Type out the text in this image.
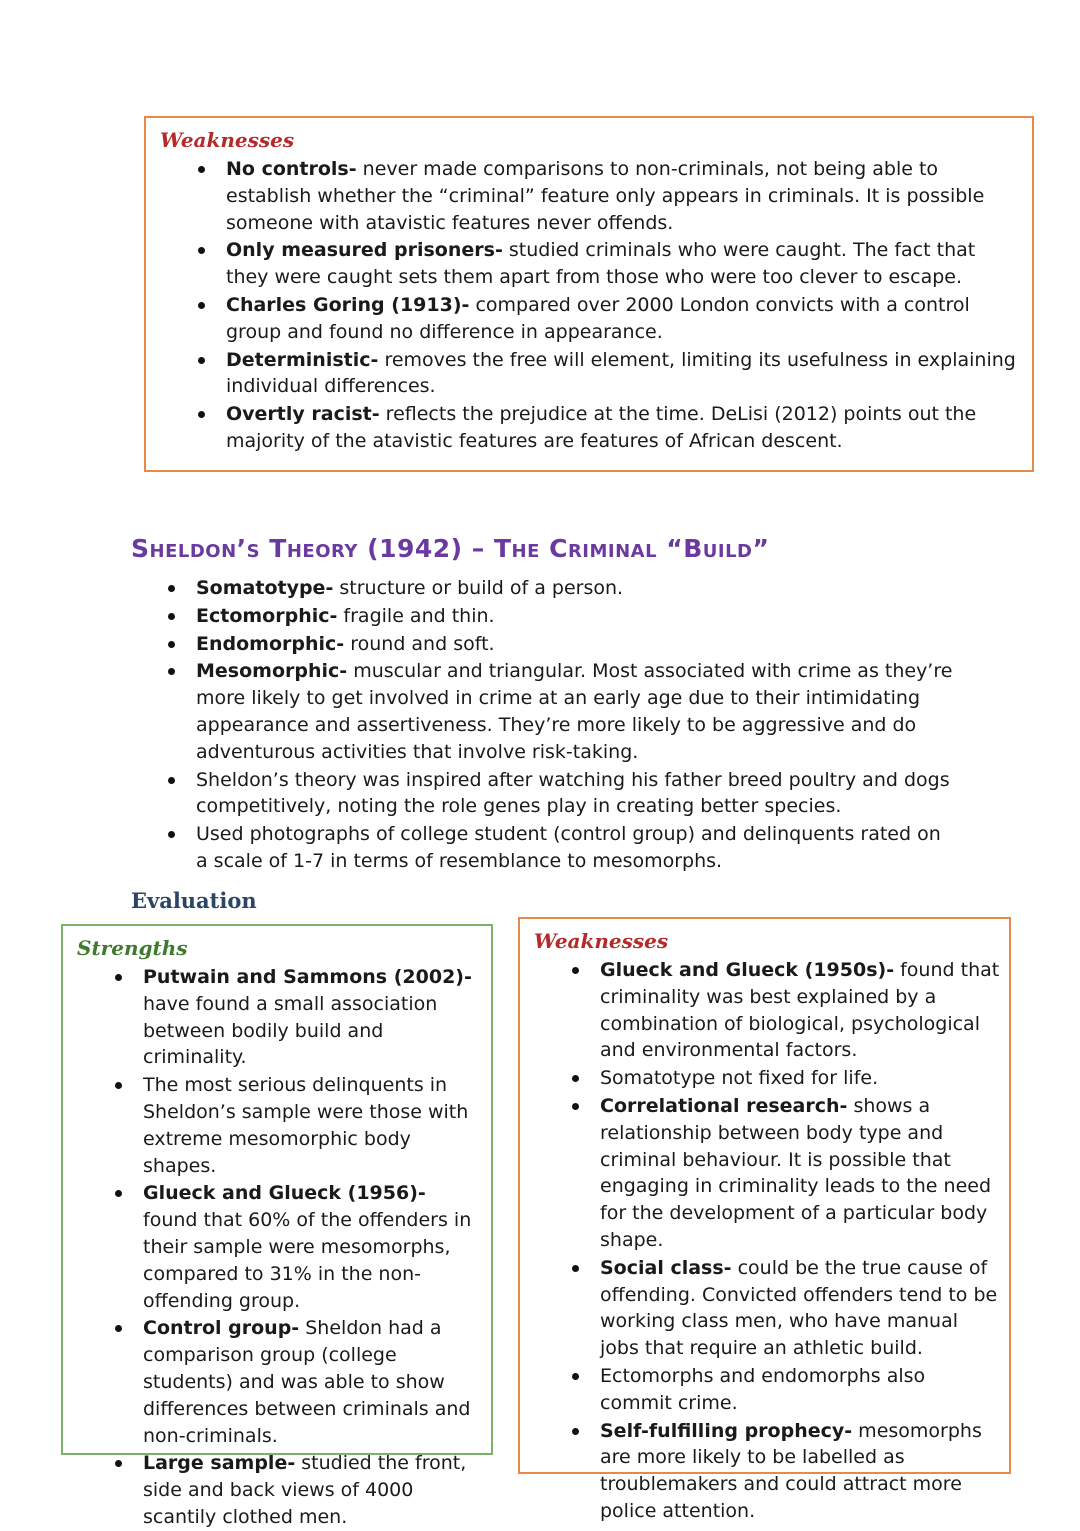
Weaknesses
No controls- never made comparisons to non-criminals, not being able to establish whether the “criminal” feature only appears in criminals. It is possible someone with atavistic features never offends.
Only measured prisoners- studied criminals who were caught. The fact that they were caught sets them apart from those who were too clever to escape.
Charles Goring (1913)- compared over 2000 London convicts with a control group and found no difference in appearance.
Deterministic- removes the free will element, limiting its usefulness in explaining individual differences.
Overtly racist- reflects the prejudice at the time. DeLisi (2012) points out the majority of the atavistic features are features of African descent.
Sheldon’s Theory (1942) – The Criminal “Build”
Somatotype- structure or build of a person.
Ectomorphic- fragile and thin.
Endomorphic- round and soft.
Mesomorphic- muscular and triangular. Most associated with crime as they’re more likely to get involved in crime at an early age due to their intimidating appearance and assertiveness. They’re more likely to be aggressive and do adventurous activities that involve risk-taking.
Sheldon’s theory was inspired after watching his father breed poultry and dogs competitively, noting the role genes play in creating better species.
Used photographs of college student (control group) and delinquents rated on a scale of 1-7 in terms of resemblance to mesomorphs.
Evaluation
Strengths
Putwain and Sammons (2002)- have found a small association between bodily build and criminality.
The most serious delinquents in Sheldon’s sample were those with extreme mesomorphic body shapes.
Glueck and Glueck (1956)- found that 60% of the offenders in their sample were mesomorphs, compared to 31% in the non-offending group.
Control group- Sheldon had a comparison group (college students) and was able to show differences between criminals and non-criminals.
Large sample- studied the front, side and back views of 4000 scantily clothed men.
Weaknesses
Glueck and Glueck (1950s)- found that criminality was best explained by a combination of biological, psychological and environmental factors.
Somatotype not fixed for life.
Correlational research- shows a relationship between body type and criminal behaviour. It is possible that engaging in criminality leads to the need for the development of a particular body shape.
Social class- could be the true cause of offending. Convicted offenders tend to be working class men, who have manual jobs that require an athletic build.
Ectomorphs and endomorphs also commit crime.
Self-fulfilling prophecy- mesomorphs are more likely to be labelled as troublemakers and could attract more police attention.
